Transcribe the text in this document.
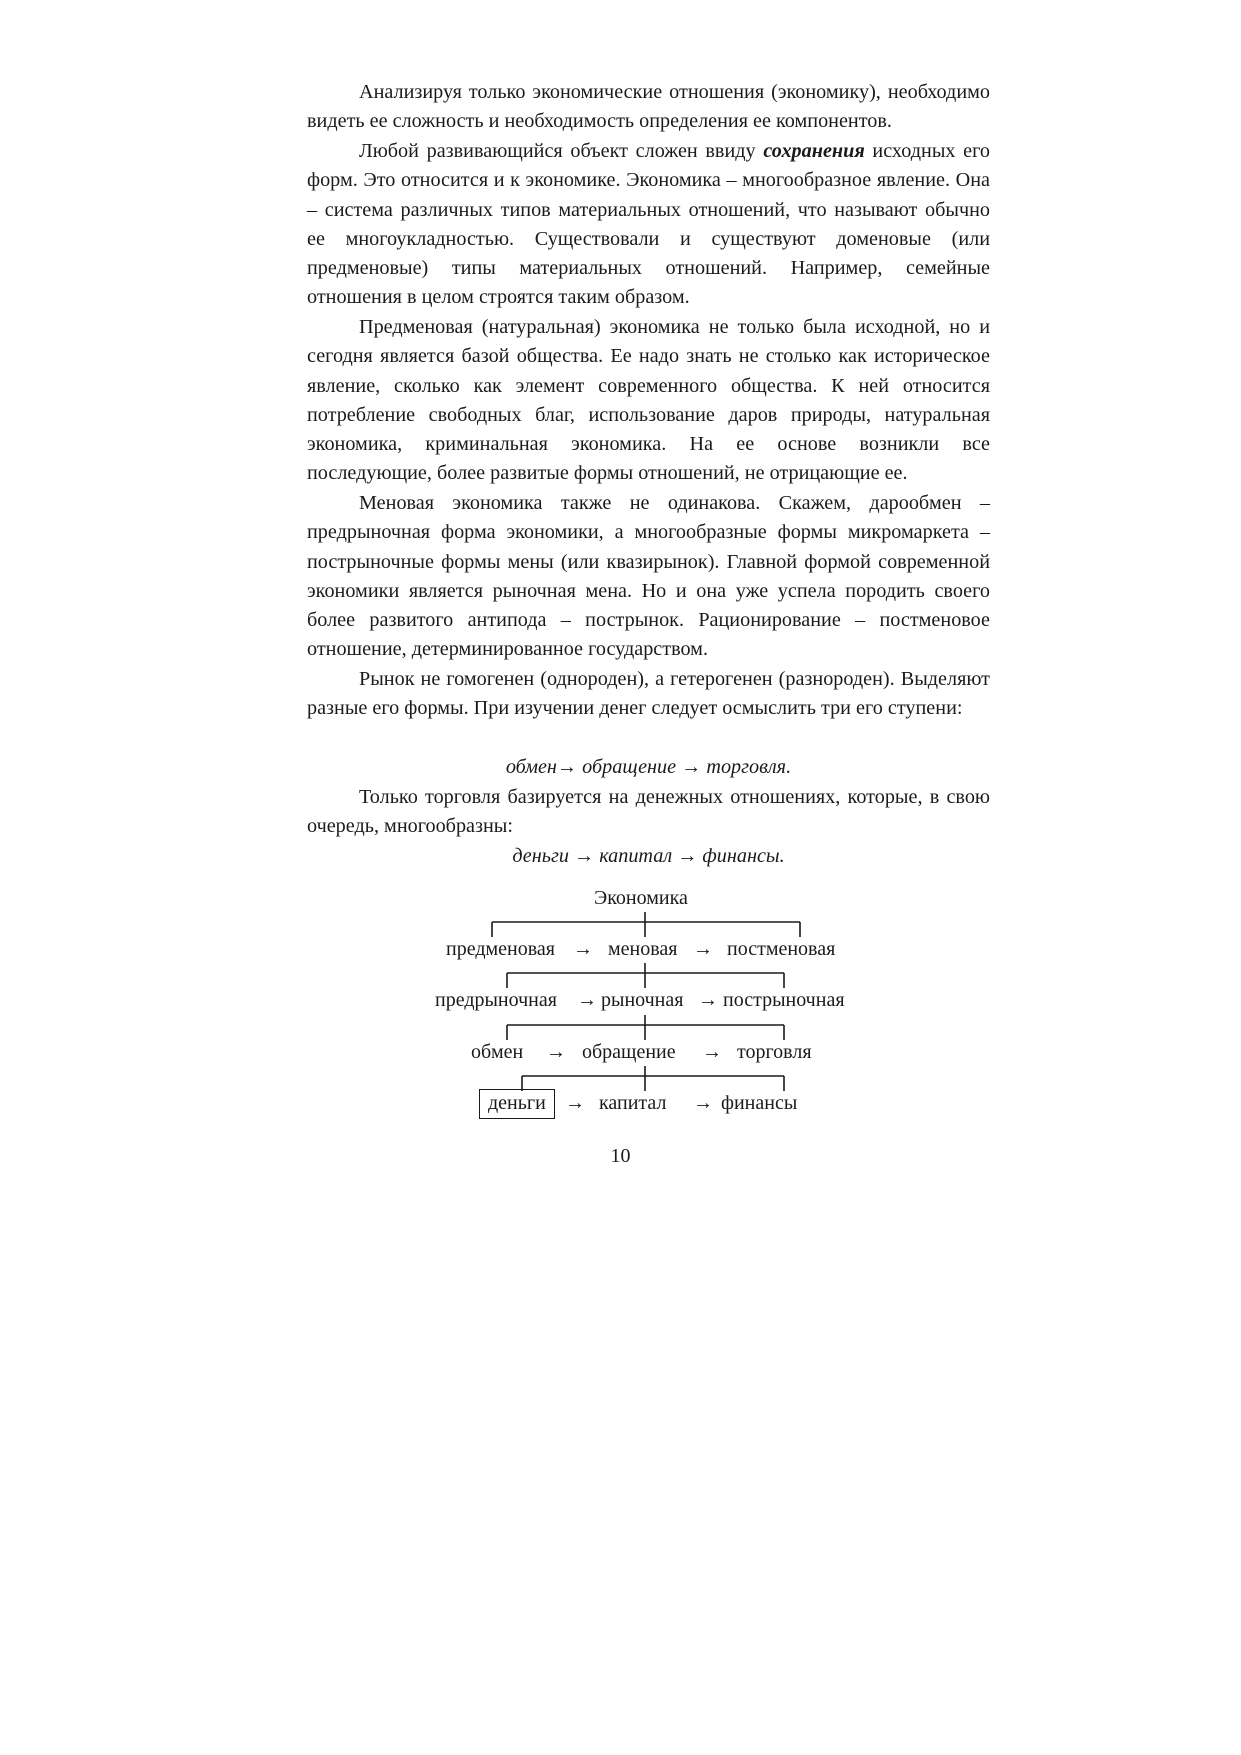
Анализируя только экономические отношения (экономику), необходимо видеть ее сложность и необходимость определения ее компонентов.

Любой развивающийся объект сложен ввиду сохранения исходных его форм. Это относится и к экономике. Экономика – многообразное явление. Она – система различных типов материальных отношений, что называют обычно ее многоукладностью. Существовали и существуют доменовые (или предменовые) типы материальных отношений. Например, семейные отношения в целом строятся таким образом.

Предменовая (натуральная) экономика не только была исходной, но и сегодня является базой общества. Ее надо знать не столько как историческое явление, сколько как элемент современного общества. К ней относится потребление свободных благ, использование даров природы, натуральная экономика, криминальная экономика. На ее основе возникли все последующие, более развитые формы отношений, не отрицающие ее.

Меновая экономика также не одинакова. Скажем, дарообмен – предрыночная форма экономики, а многообразные формы микромаркета – пострыночные формы мены (или квазирынок). Главной формой современной экономики является рыночная мена. Но и она уже успела породить своего более развитого антипода – пострынок. Рационирование – постменовое отношение, детерминированное государством.

Рынок не гомогенен (однороден), а гетерогенен (разнороден). Выделяют разные его формы. При изучении денег следует осмыслить три его ступени:

обмен→ обращение → торговля.

Только торговля базируется на денежных отношениях, которые, в свою очередь, многообразны:

деньги → капитал → финансы.

Экономика
предменовая → меновая → постменовая
предрыночная → рыночная → пострыночная
обмен → обращение → торговля
деньги → капитал → финансы
10
